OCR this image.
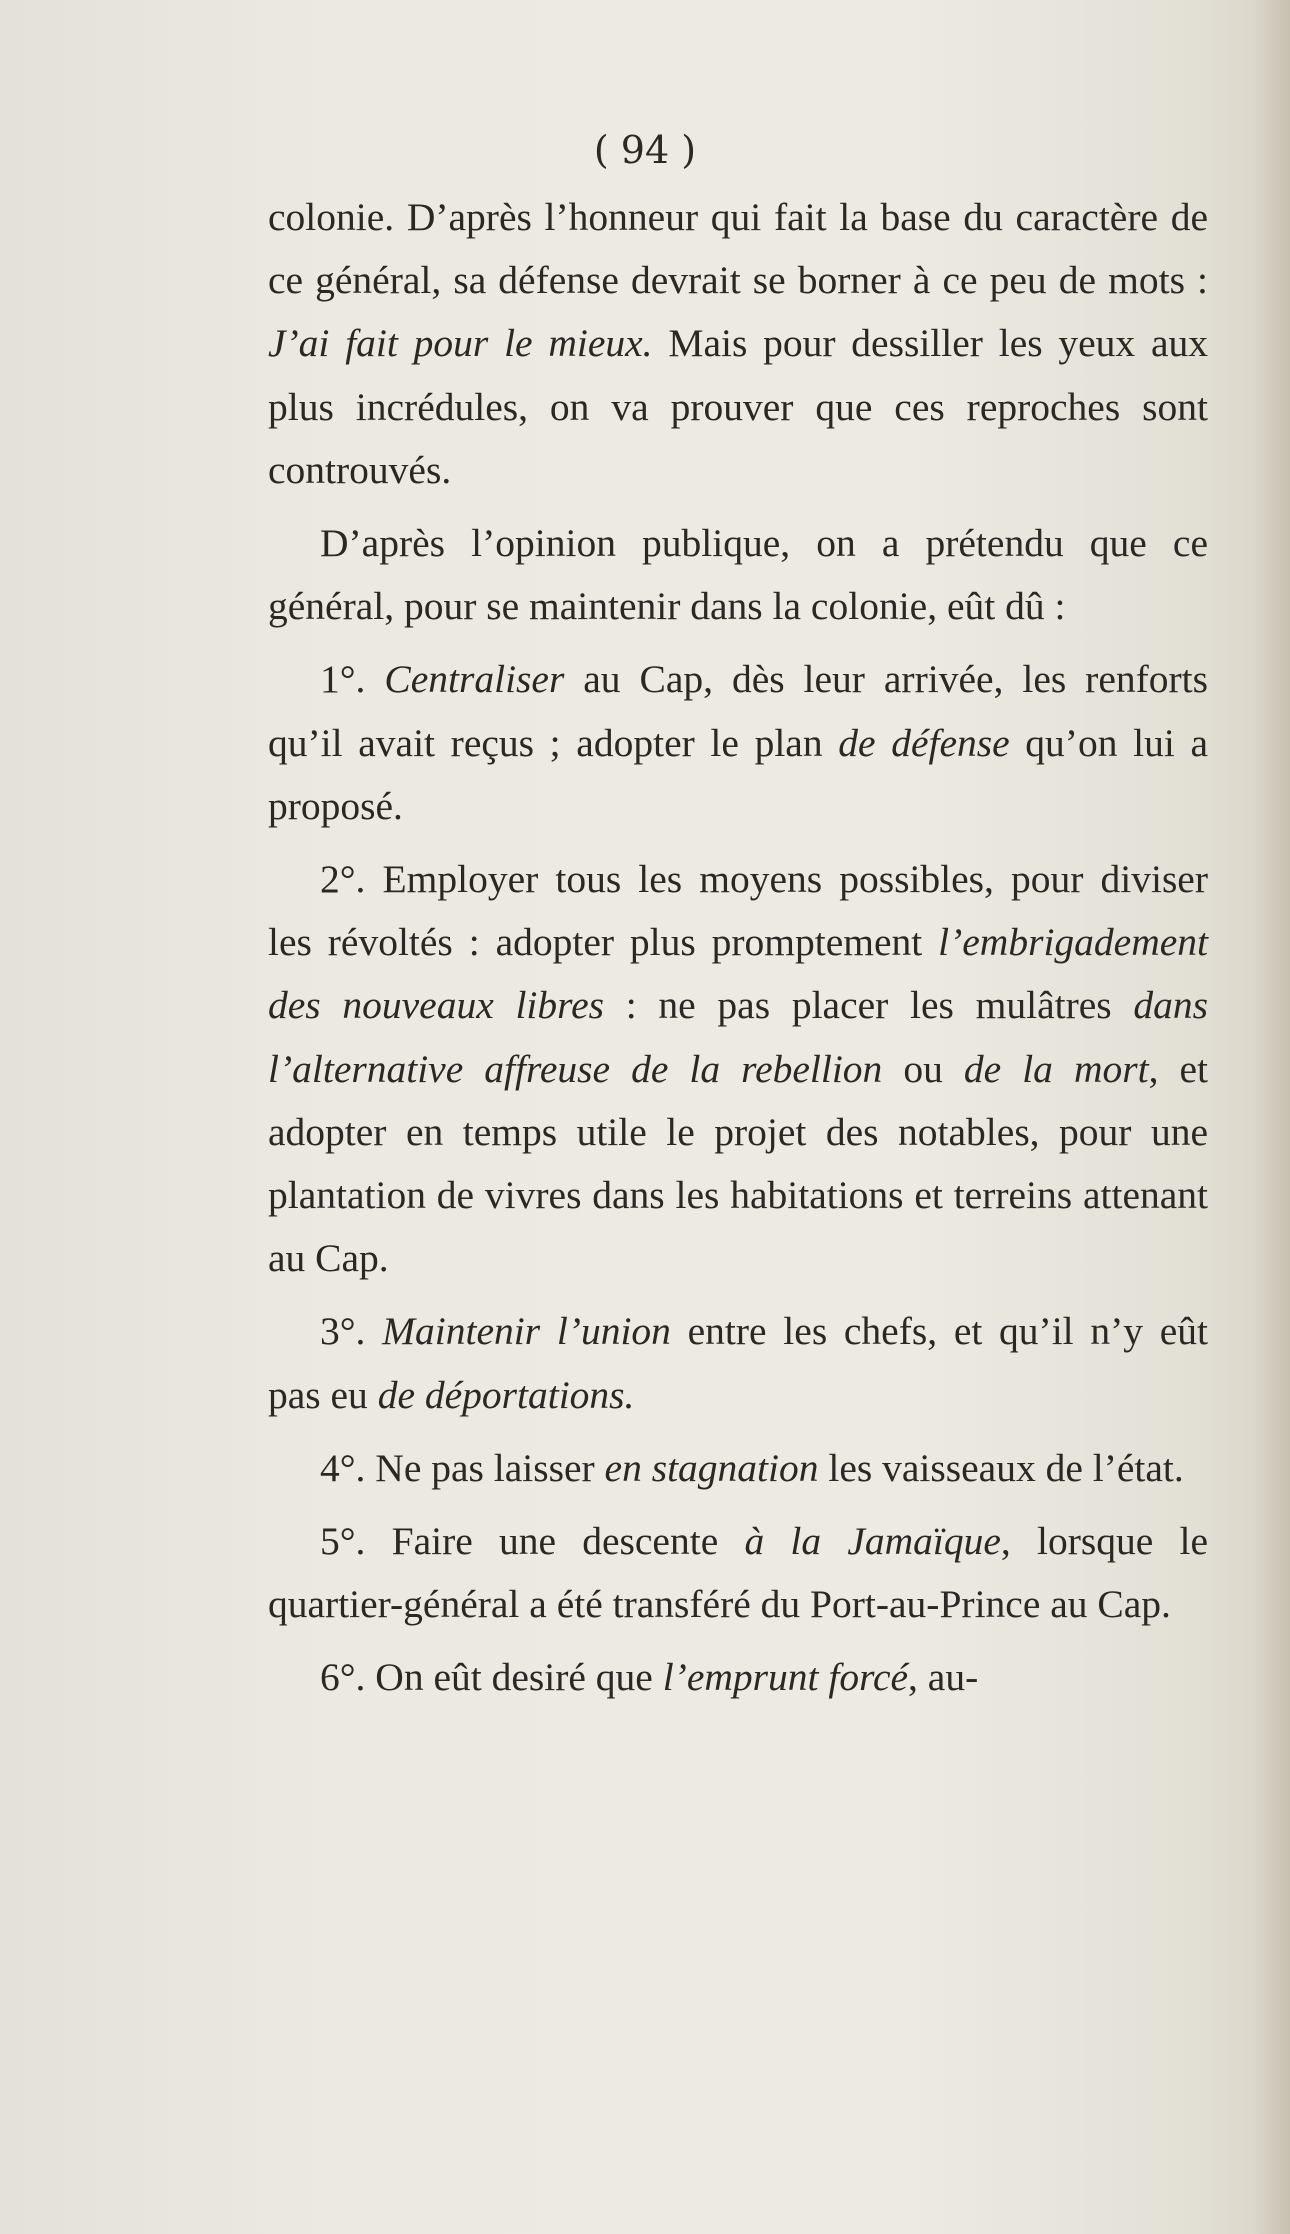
( 94 )

colonie. D’après l’honneur qui fait la base du caractère de ce général, sa défense devrait se borner à ce peu de mots : J’ai fait pour le mieux. Mais pour dessiller les yeux aux plus incrédules, on va prouver que ces reproches sont controuvés.

D’après l’opinion publique, on a prétendu que ce général, pour se maintenir dans la colonie, eût dû :

1°. Centraliser au Cap, dès leur arrivée, les renforts qu’il avait reçus ; adopter le plan de défense qu’on lui a proposé.

2°. Employer tous les moyens possibles, pour diviser les révoltés : adopter plus promptement l’embrigadement des nouveaux libres : ne pas placer les mulâtres dans l’alternative affreuse de la rebellion ou de la mort, et adopter en temps utile le projet des notables, pour une plantation de vivres dans les habitations et terreins attenant au Cap.

3°. Maintenir l’union entre les chefs, et qu’il n’y eût pas eu de déportations.

4°. Ne pas laisser en stagnation les vaisseaux de l’état.

5°. Faire une descente à la Jamaïque, lorsque le quartier-général a été transféré du Port-au-Prince au Cap.

6°. On eût desiré que l’emprunt forcé, au-
